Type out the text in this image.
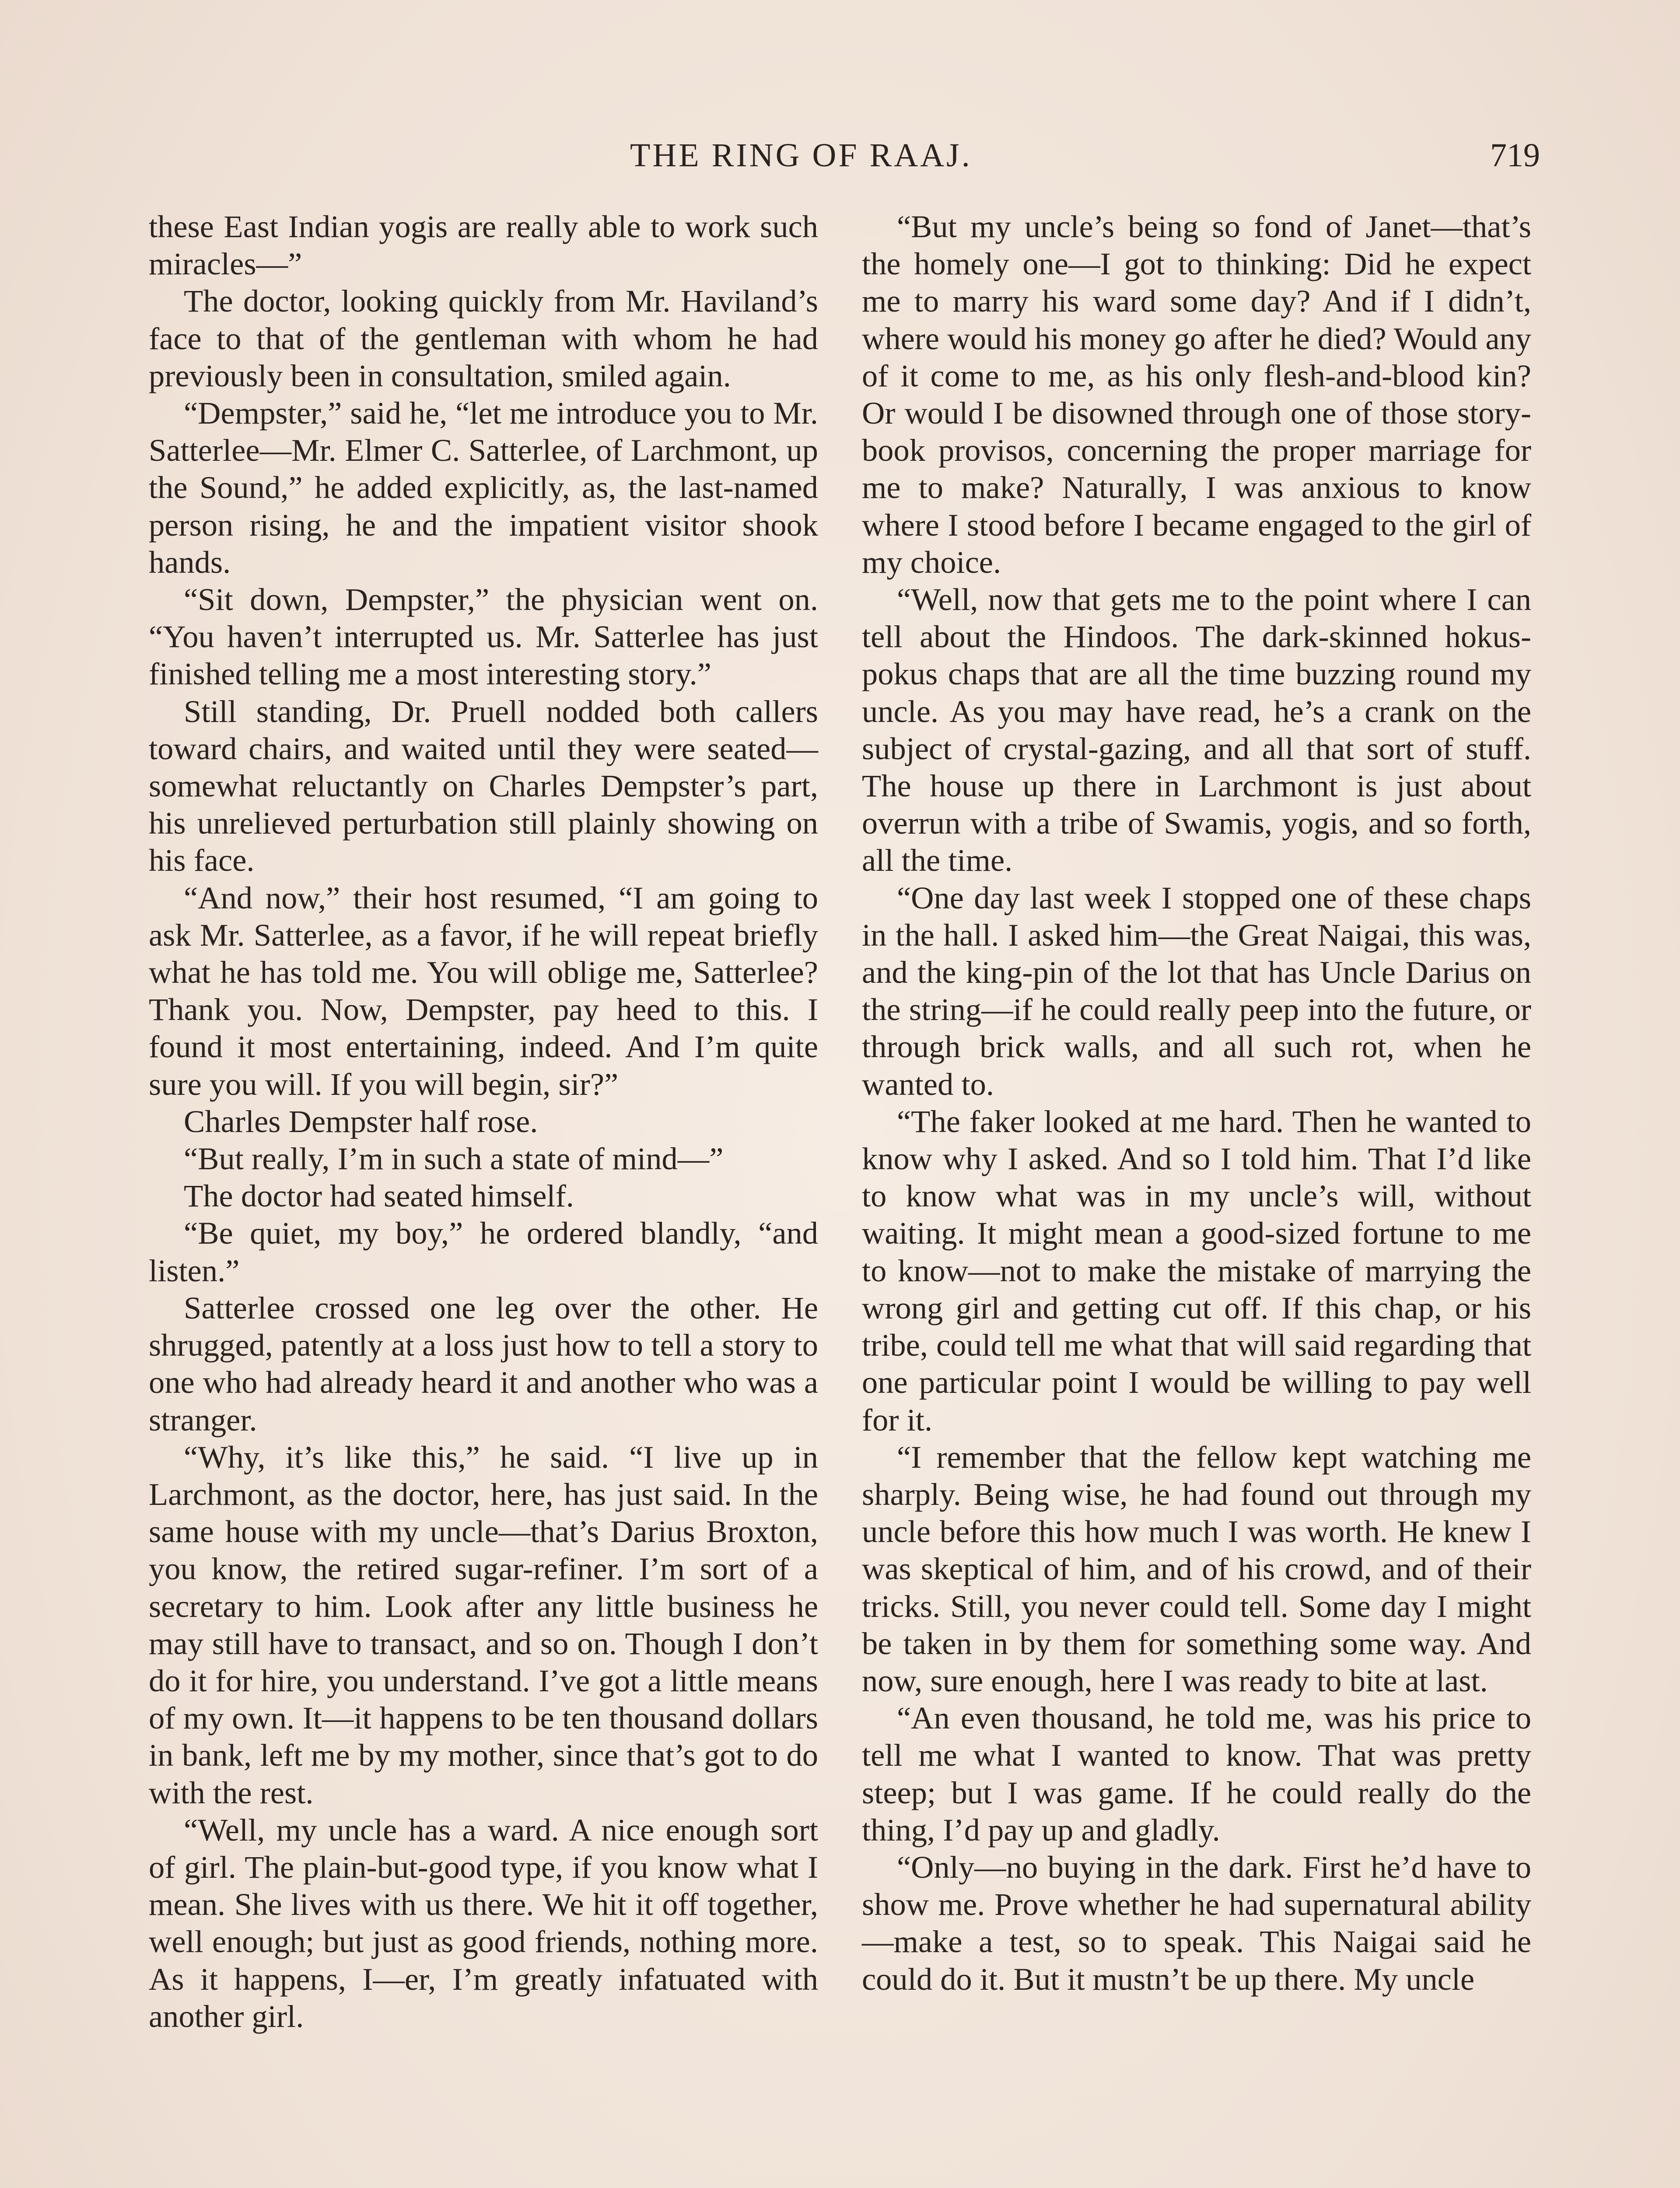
THE RING OF RAAJ.	719

these East Indian yogis are really able to work such miracles—”

The doctor, looking quickly from Mr. Haviland’s face to that of the gentleman with whom he had previously been in consultation, smiled again.

“Dempster,” said he, “let me introduce you to Mr. Satterlee—Mr. Elmer C. Satterlee, of Larchmont, up the Sound,” he added explicitly, as, the last-named person rising, he and the impatient visitor shook hands.

“Sit down, Dempster,” the physician went on. “You haven’t interrupted us. Mr. Satterlee has just finished telling me a most interesting story.”

Still standing, Dr. Pruell nodded both callers toward chairs, and waited until they were seated—somewhat reluctantly on Charles Dempster’s part, his unrelieved perturbation still plainly showing on his face.

“And now,” their host resumed, “I am going to ask Mr. Satterlee, as a favor, if he will repeat briefly what he has told me. You will oblige me, Satterlee? Thank you. Now, Dempster, pay heed to this. I found it most entertaining, indeed. And I’m quite sure you will. If you will begin, sir?”

Charles Dempster half rose.

“But really, I’m in such a state of mind—”

The doctor had seated himself.

“Be quiet, my boy,” he ordered blandly, “and listen.”

Satterlee crossed one leg over the other. He shrugged, patently at a loss just how to tell a story to one who had already heard it and another who was a stranger.

“Why, it’s like this,” he said. “I live up in Larchmont, as the doctor, here, has just said. In the same house with my uncle—that’s Darius Broxton, you know, the retired sugar-refiner. I’m sort of a secretary to him. Look after any little business he may still have to transact, and so on. Though I don’t do it for hire, you understand. I’ve got a little means of my own. It—it happens to be ten thousand dollars in bank, left me by my mother, since that’s got to do with the rest.

“Well, my uncle has a ward. A nice enough sort of girl. The plain-but-good type, if you know what I mean. She lives with us there. We hit it off together, well enough; but just as good friends, nothing more. As it happens, I—er, I’m greatly infatuated with another girl.

“But my uncle’s being so fond of Janet—that’s the homely one—I got to thinking: Did he expect me to marry his ward some day? And if I didn’t, where would his money go after he died? Would any of it come to me, as his only flesh-and-blood kin? Or would I be disowned through one of those story-book provisos, concerning the proper marriage for me to make? Naturally, I was anxious to know where I stood before I became engaged to the girl of my choice.

“Well, now that gets me to the point where I can tell about the Hindoos. The dark-skinned hokus-pokus chaps that are all the time buzzing round my uncle. As you may have read, he’s a crank on the subject of crystal-gazing, and all that sort of stuff. The house up there in Larchmont is just about overrun with a tribe of Swamis, yogis, and so forth, all the time.

“One day last week I stopped one of these chaps in the hall. I asked him—the Great Naigai, this was, and the king-pin of the lot that has Uncle Darius on the string—if he could really peep into the future, or through brick walls, and all such rot, when he wanted to.

“The faker looked at me hard. Then he wanted to know why I asked. And so I told him. That I’d like to know what was in my uncle’s will, without waiting. It might mean a good-sized fortune to me to know—not to make the mistake of marrying the wrong girl and getting cut off. If this chap, or his tribe, could tell me what that will said regarding that one particular point I would be willing to pay well for it.

“I remember that the fellow kept watching me sharply. Being wise, he had found out through my uncle before this how much I was worth. He knew I was skeptical of him, and of his crowd, and of their tricks. Still, you never could tell. Some day I might be taken in by them for something some way. And now, sure enough, here I was ready to bite at last.

“An even thousand, he told me, was his price to tell me what I wanted to know. That was pretty steep; but I was game. If he could really do the thing, I’d pay up and gladly.

“Only—no buying in the dark. First he’d have to show me. Prove whether he had supernatural ability—make a test, so to speak. This Naigai said he could do it. But it mustn’t be up there. My uncle
